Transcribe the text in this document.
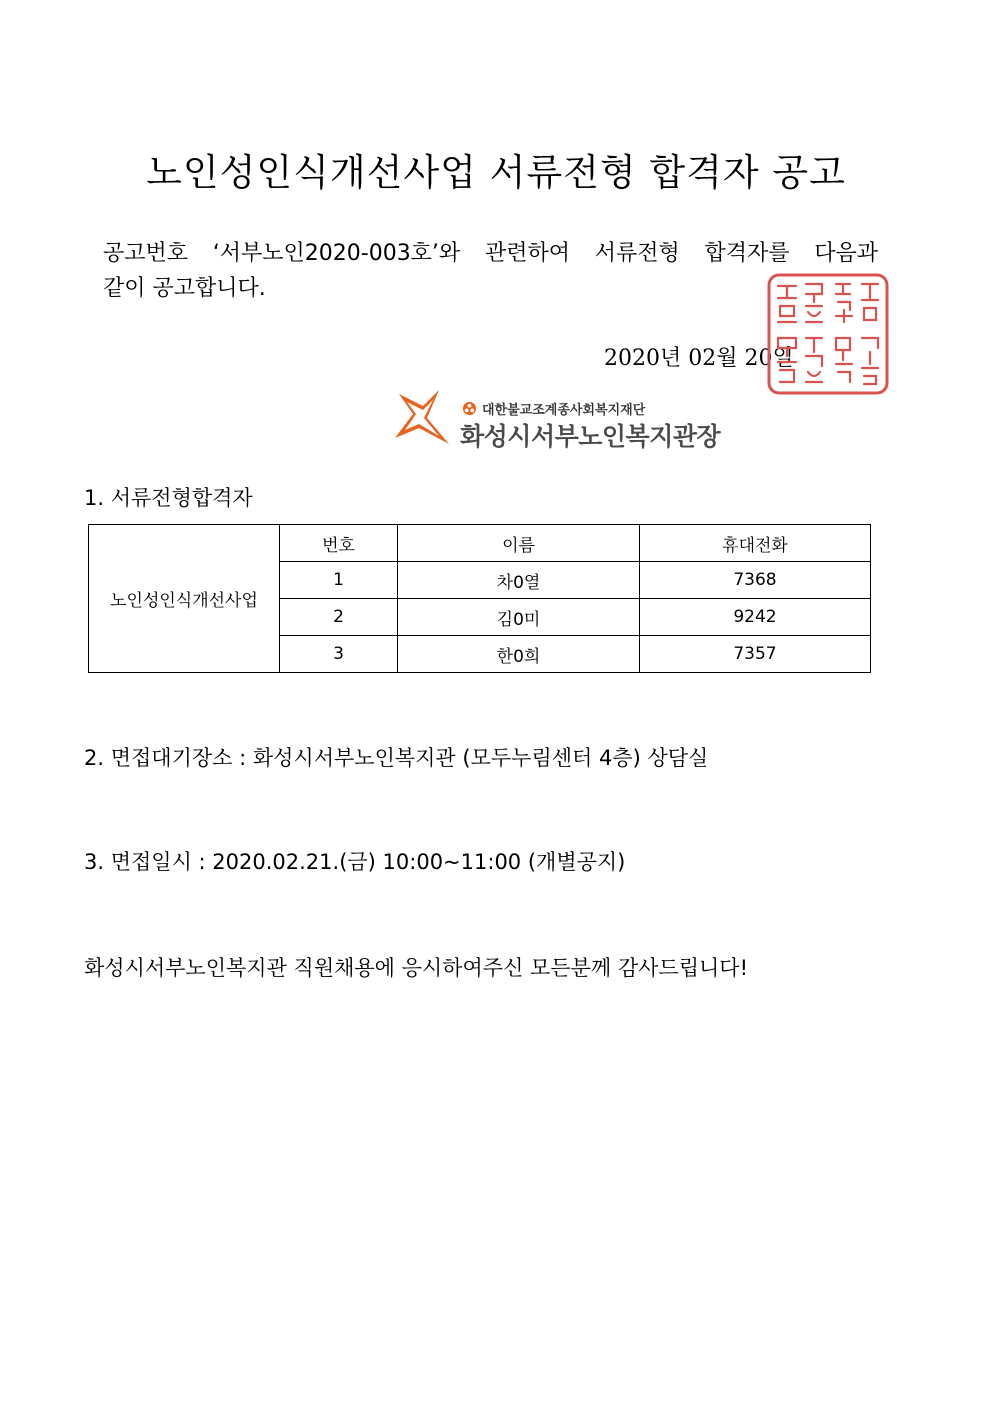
노인성인식개선사업 서류전형 합격자 공고
공고번호 ‘서부노인2020-003호’와 관련하여 서류전형 합격자를 다음과
같이 공고합니다.
2020년 02월 20일
대한불교조계종사회복지재단
화성시서부노인복지관장
1. 서류전형합격자
노인성인식개선사업	번호	이름	휴대전화
	1	차0열	7368
	2	김0미	9242
	3	한0희	7357
2. 면접대기장소 : 화성시서부노인복지관 (모두누림센터 4층) 상담실
3. 면접일시 : 2020.02.21.(금) 10:00~11:00 (개별공지)
화성시서부노인복지관 직원채용에 응시하여주신 모든분께 감사드립니다!
